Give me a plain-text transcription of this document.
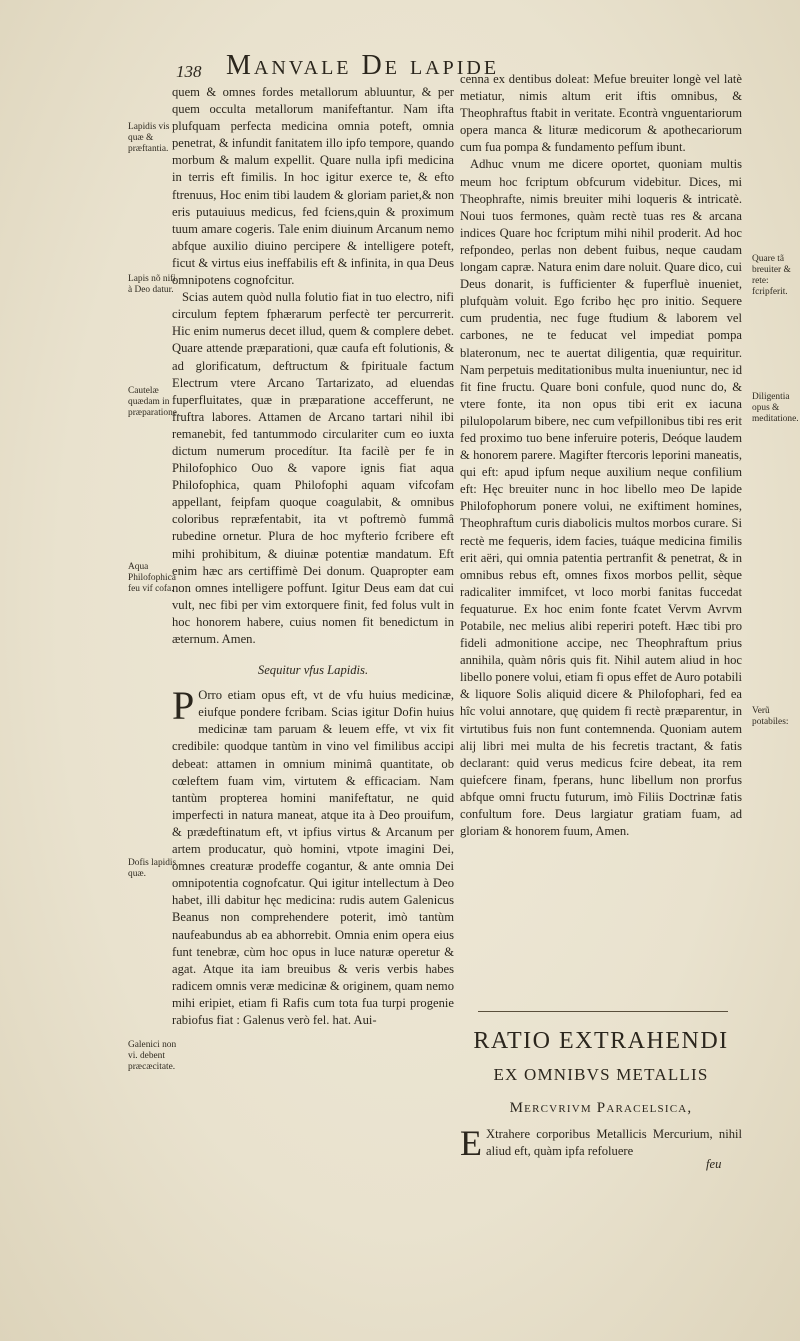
138 Manvale De lapide
Lapidis vis quæ & præftantia.
Lapis nõ nifi à Deo datur.
Cautelæ quædam in præparatione.
Aqua Philofophica feu vif cofa.
Dofis lapidis quæ.
Galenici non vi. debent præcæcitate.
Quare tã breuiter & rete: fcripferit.
Diligentia opus & meditatione.
Verũ potabiles:

quem & omnes fordes metallorum abluuntur, & per quem occulta metallorum manifeftantur. Nam ifta plufquam perfecta medicina omnia poteft, omnia penetrat, & infundit fanitatem illo ipfo tempore, quando morbum & malum expellit. Quare nulla ipfi medicina in terris eft fimilis. In hoc igitur exerce te, & efto ftrenuus, Hoc enim tibi laudem & gloriam pariet,& non eris putauiuus medicus, fed fciens,quin & proximum tuum amare cogeris. Tale enim diuinum Arcanum nemo abfque auxilio diuino percipere & intelligere poteft, ficut & virtus eius ineffabilis eft & infinita, in qua Deus omnipotens cognofcitur.

Scias autem quòd nulla folutio fiat in tuo electro, nifi circulum feptem fphærarum perfectè ter percurrerit. Hic enim numerus decet illud, quem & complere debet. Quare attende præparationi, quæ caufa eft folutionis, & ad glorificatum, deftructum & fpirituale factum Electrum vtere Arcano Tartarizato, ad eluendas fuperfluitates, quæ in præparatione accefferunt, ne fruftra labores. Attamen de Arcano tartari nihil ibi remanebit, fed tantummodo circulariter cum eo iuxta dictum numerum procedítur. Ita facilè per fe in Philofophico Ouo & vapore ignis fiat aqua Philofophica, quam Philofophi aquam vifcofam appellant, feipfam quoque coagulabit, & omnibus coloribus repræfentabit, ita vt poftremò fummâ rubedine ornetur. Plura de hoc myfterio fcribere eft mihi prohibitum, & diuinæ potentiæ mandatum. Eft enim hæc ars certiffimè Dei donum. Quapropter eam non omnes intelligere poffunt. Igitur Deus eam dat cui vult, nec fibi per vim extorquere finit, fed folus vult in hoc honorem habere, cuius nomen fit benedictum in æternum. Amen.

Sequitur vfus Lapidis.

P Orro etiam opus eft, vt de vfu huius medicinæ, eiufque pondere fcribam. Scias igitur Dofin huius medicinæ tam paruam & leuem effe, vt vix fit credibile: quodque tantùm in vino vel fimilibus accipi debeat: attamen in omnium minimâ quantitate, ob cœleftem fuam vim, virtutem & efficaciam. Nam tantùm propterea homini manifeftatur, ne quid imperfecti in natura maneat, atque ita à Deo prouifum, & prædeftinatum eft, vt ipfius virtus & Arcanum per artem producatur, quò homini, vtpote imagini Dei, omnes creaturæ prodeffe cogantur, & ante omnia Dei omnipotentia cognofcatur. Qui igitur intellectum à Deo habet, illi dabitur hęc medicina: rudis autem Galenicus Beanus non comprehendere poterit, imò tantùm naufeabundus ab ea abhorrebit. Omnia enim opera eius funt tenebræ, cùm hoc opus in luce naturæ operetur & agat. Atque ita iam breuibus & veris verbis habes radicem omnis veræ medicinæ & originem, quam nemo mihi eripiet, etiam fi Rafis cum tota fua turpi progenie rabiofus fiat : Galenus verò fel. hat. Aui-

cenna ex dentibus doleat: Mefue breuiter longè vel latè metiatur, nimis altum erit iftis omnibus, & Theophraftus ftabit in veritate. Econtrà vnguentariorum opera manca & lituræ medicorum & apothecariorum cum fua pompa & fundamento pefſum ibunt.

Adhuc vnum me dicere oportet, quoniam multis meum hoc fcriptum obfcurum videbitur. Dices, mi Theophrafte, nimis breuiter mihi loqueris & intricatè. Noui tuos fermones, quàm rectè tuas res & arcana indices Quare hoc fcriptum mihi nihil proderit. Ad hoc refpondeo, perlas non debent fuibus, neque caudam longam capræ. Natura enim dare noluit. Quare dico, cui Deus donarit, is fufficienter & fuperfluè inueniet, plufquàm voluit. Ego fcribo hęc pro initio. Sequere cum prudentia, nec fuge ftudium & laborem vel carbones, ne te feducat vel impediat pompa blateronum, nec te auertat diligentia, quæ requiritur. Nam perpetuis meditationibus multa inueniuntur, nec id fit fine fructu. Quare boni confule, quod nunc do, & vtere fonte, ita non opus tibi erit ex iacuna pilulopolarum bibere, nec cum vefpillonibus tibi res erit fed proximo tuo bene inferuire poteris, Deóque laudem & honorem parere. Magifter ftercoris leporini maneatis, qui eft: apud ipfum neque auxilium neque confilium eft: Hęc breuiter nunc in hoc libello meo De lapide Philofophorum ponere volui, ne exiftiment homines, Theophraftum curis diabolicis multos morbos curare. Si rectè me fequeris, idem facies, tuáque medicina fimilis erit aëri, qui omnia patentia pertranfit & penetrat, & in omnibus rebus eft, omnes fixos morbos pellit, sèque radicaliter immifcet, vt loco morbi fanitas fuccedat fequaturue. Ex hoc enim fonte fcatet Vervm Avrvm Potabile, nec melius alibi reperiri poteft. Hæc tibi pro fideli admonitione accipe, nec Theophraftum prius annihila, quàm nôris quis fit. Nihil autem aliud in hoc libello ponere volui, etiam fi opus effet de Auro potabili & liquore Solis aliquid dicere & Philofophari, fed ea hîc volui annotare, quę quidem fi rectè præparentur, in virtutibus fuis non funt contemnenda. Quoniam autem alij libri mei multa de his fecretis tractant, & fatis declarant: quid verus medicus fcire debeat, ita rem quiefcere finam, fperans, hunc libellum non prorfus abfque omni fructu futurum, imò Filiis Doctrinæ fatis confultum fore. Deus largiatur gratiam fuam, ad gloriam & honorem fuum, Amen.

RATIO EXTRAHENDI
EX OMNIBVS METALLIS
Mercvrivm Paracelsica,
E Xtrahere corporibus Metallicis Mercurium, nihil aliud eft, quàm ipfa refoluere
feu
